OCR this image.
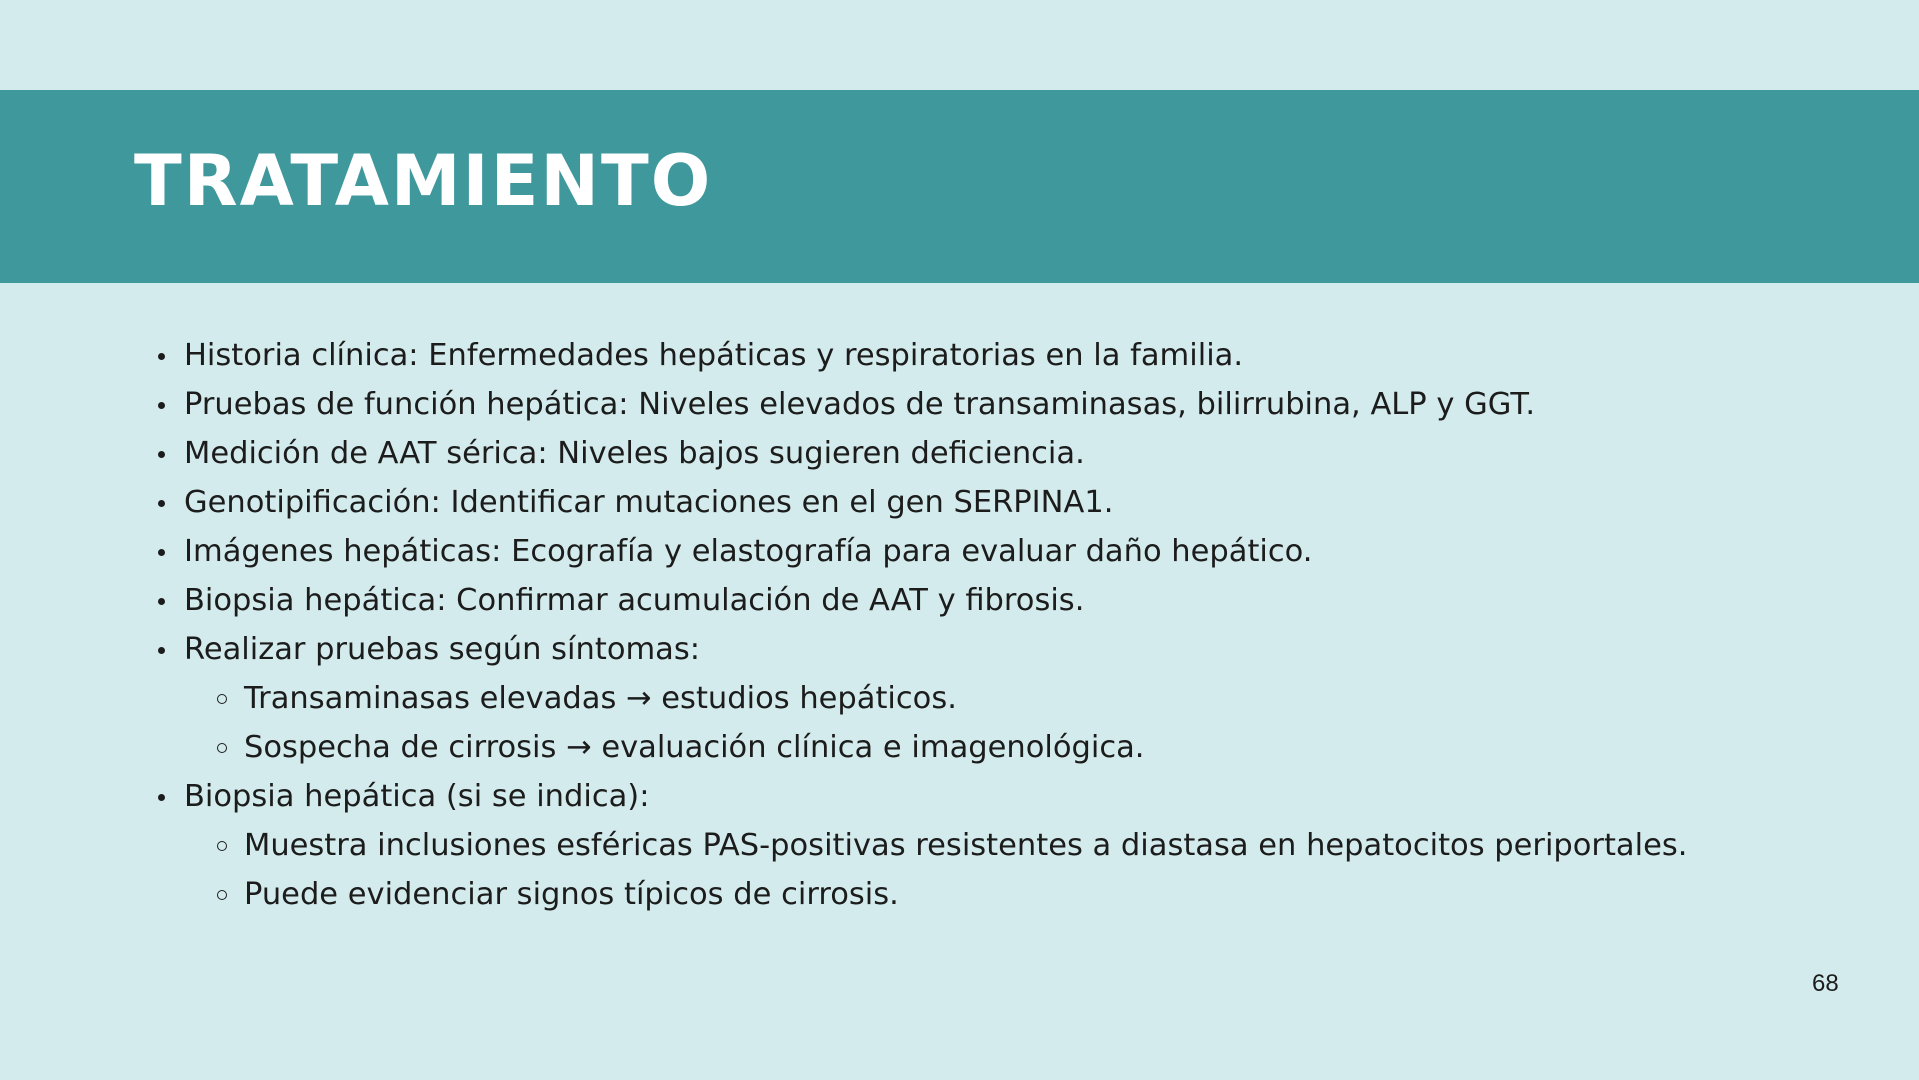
TRATAMIENTO
Historia clínica: Enfermedades hepáticas y respiratorias en la familia.
Pruebas de función hepática: Niveles elevados de transaminasas, bilirrubina, ALP y GGT.
Medición de AAT sérica: Niveles bajos sugieren deficiencia.
Genotipificación: Identificar mutaciones en el gen SERPINA1.
Imágenes hepáticas: Ecografía y elastografía para evaluar daño hepático.
Biopsia hepática: Confirmar acumulación de AAT y fibrosis.
Realizar pruebas según síntomas:
Transaminasas elevadas → estudios hepáticos.
Sospecha de cirrosis → evaluación clínica e imagenológica.
Biopsia hepática (si se indica):
Muestra inclusiones esféricas PAS-positivas resistentes a diastasa en hepatocitos periportales.
Puede evidenciar signos típicos de cirrosis.
68
